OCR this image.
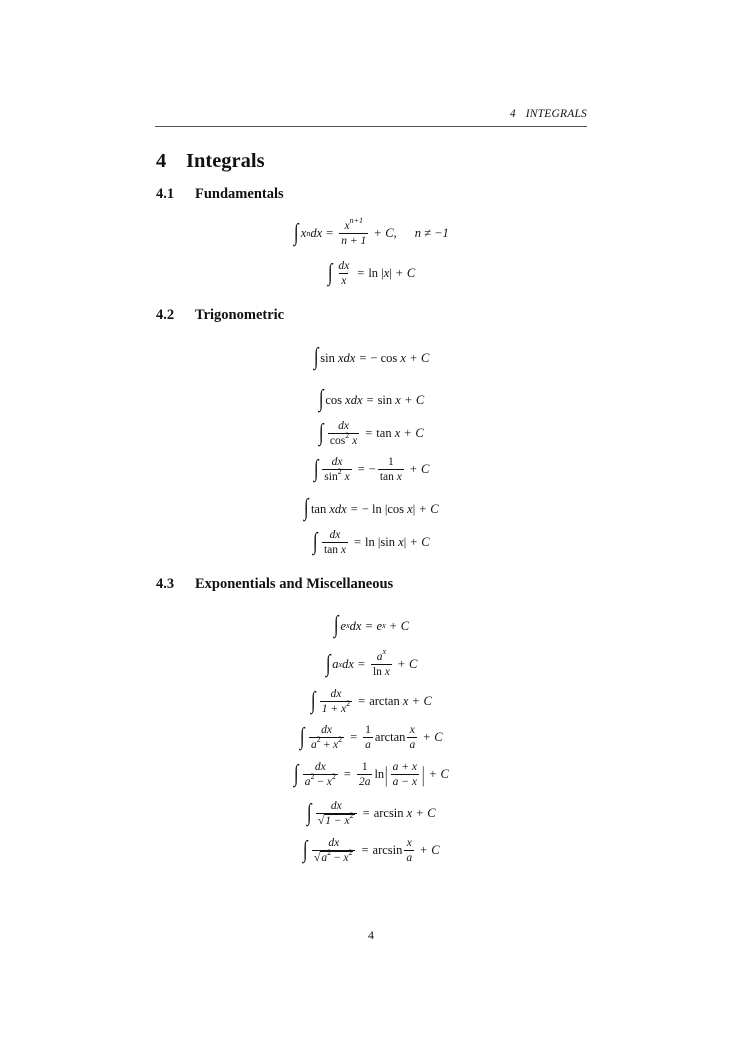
4 INTEGRALS
4 Integrals
4.1 Fundamentals
∫ x n dx = $\frac{x^{n+1}}{n + 1} + C$ , n ≠ −1
∫ $\frac{dx}{x} = \ln$
| x | + C
4.2 Trigonometric
∫ sin
x dx = −
cos
x + C
∫ cos
x dx = sin
x + C
∫ $\frac{dx}{\cos^2 x} = \tan$
x + C
∫ $\frac{dx}{\sin^2 x}$ = − $\frac{1}{\text{tan x}} + C$
∫ tan
x dx = −
ln
| cos
x | + C
∫ $\frac{dx}{\text{tan x}} = \ln$
| sin
x | + C
4.3 Exponentials and Miscellaneous
∫ e x dx = e x + C
∫ a x dx = $\frac{a^x}{\text{ln x}} + C$
∫ $\frac{dx}{1 + x^2} = \arctan$
x + C
∫ $\frac{dx}{a^2 + x^2} = \frac{1}{a}$ $\arctan \frac{x}{a} + C$
∫ $\frac{dx}{a^2 - x^2} = \frac{1}{2a}$ ln | $\frac{a + x}{a - x}$ | + C
∫ $\frac{dx}{√1 - x^2} = \arcsin$
x + C
∫ $\frac{dx}{√a^2 - x^2} = \arcsin \frac{x}{a} + C$
4
